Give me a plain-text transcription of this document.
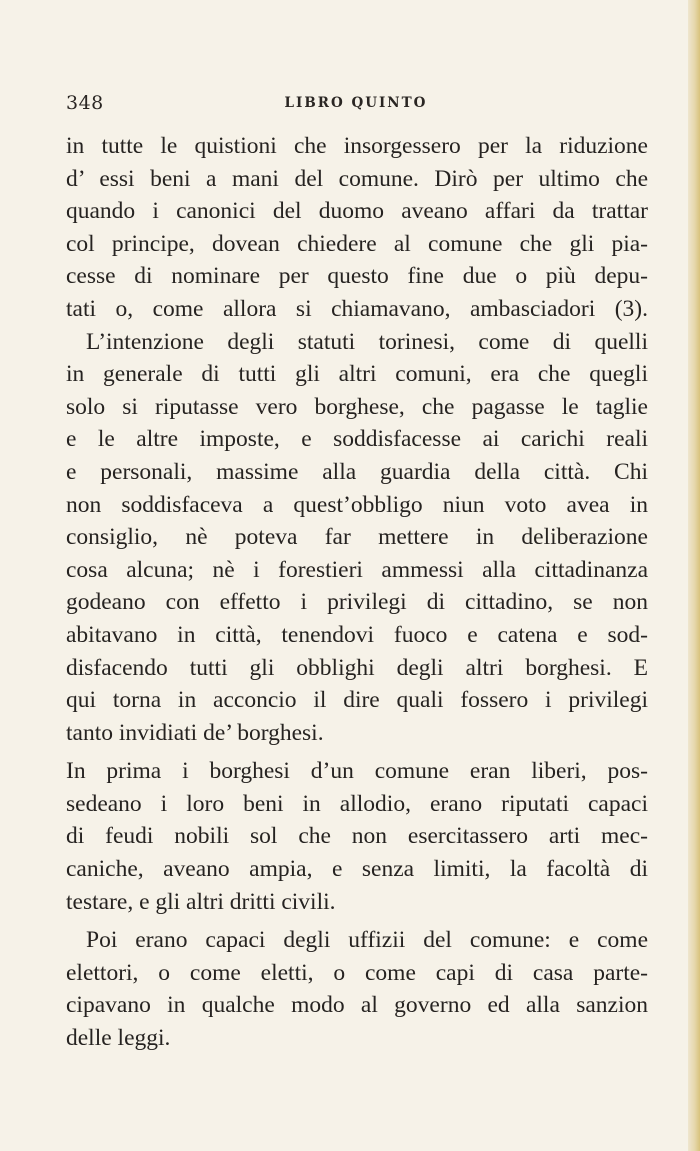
348	LIBRO QUINTO
in tutte le quistioni che insorgessero per la riduzione
d’ essi beni a mani del comune. Dirò per ultimo che
quando i canonici del duomo aveano affari da trattar
col principe, dovean chiedere al comune che gli pia-
cesse di nominare per questo fine due o più depu-
tati o, come allora si chiamavano, ambasciadori (3).
L’intenzione degli statuti torinesi, come di quelli
in generale di tutti gli altri comuni, era che quegli
solo si riputasse vero borghese, che pagasse le taglie
e le altre imposte, e soddisfacesse ai carichi reali
e personali, massime alla guardia della città. Chi
non soddisfaceva a quest’obbligo niun voto avea in
consiglio, nè poteva far mettere in deliberazione
cosa alcuna; nè i forestieri ammessi alla cittadinanza
godeano con effetto i privilegi di cittadino, se non
abitavano in città, tenendovi fuoco e catena e sod-
disfacendo tutti gli obblighi degli altri borghesi. E
qui torna in acconcio il dire quali fossero i privilegi
tanto invidiati de’ borghesi.
In prima i borghesi d’un comune eran liberi, pos-
sedeano i loro beni in allodio, erano riputati capaci
di feudi nobili sol che non esercitassero arti mec-
caniche, aveano ampia, e senza limiti, la facoltà di
testare, e gli altri dritti civili.
Poi erano capaci degli uffizii del comune: e come
elettori, o come eletti, o come capi di casa parte-
cipavano in qualche modo al governo ed alla sanzion
delle leggi.
